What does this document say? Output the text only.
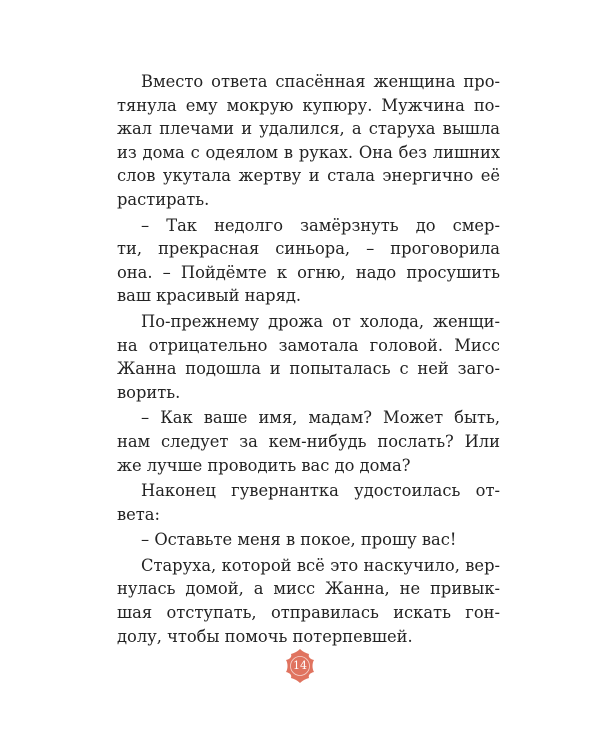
Вместо ответа спасённая женщина про-
тянула ему мокрую купюру. Мужчина по-
жал плечами и удалился, а старуха вышла
из дома с одеялом в руках. Она без лишних
слов укутала жертву и стала энергично её
растирать.
– Так недолго замёрзнуть до смер-
ти, прекрасная синьора, – проговорила
она. – Пойдёмте к огню, надо просушить
ваш красивый наряд.
По-прежнему дрожа от холода, женщи-
на отрицательно замотала головой. Мисс
Жанна подошла и попыталась с ней заго-
ворить.
– Как ваше имя, мадам? Может быть,
нам следует за кем-нибудь послать? Или
же лучше проводить вас до дома?
Наконец гувернантка удостоилась от-
вета:
– Оставьте меня в покое, прошу вас!
Старуха, которой всё это наскучило, вер-
нулась домой, а мисс Жанна, не привык-
шая отступать, отправилась искать гон-
долу, чтобы помочь потерпевшей.
14
